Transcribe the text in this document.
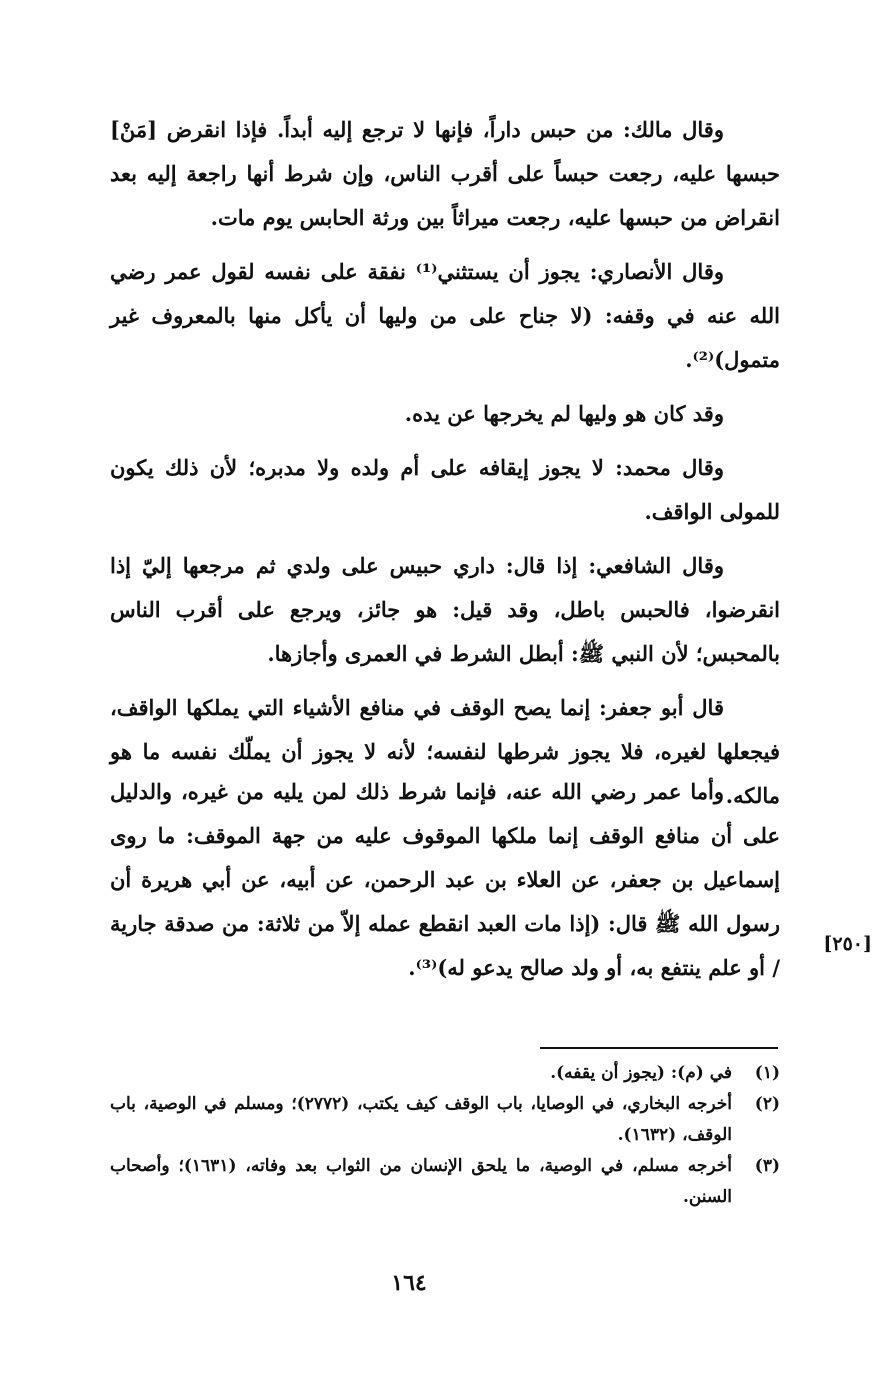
وقال مالك: من حبس داراً، فإنها لا ترجع إليه أبداً. فإذا انقرض [مَنْ] حبسها عليه، رجعت حبساً على أقرب الناس، وإن شرط أنها راجعة إليه بعد انقراض من حبسها عليه، رجعت ميراثاً بين ورثة الحابس يوم مات.

وقال الأنصاري: يجوز أن يستثني⁽¹⁾ نفقة على نفسه لقول عمر رضي الله عنه في وقفه: (لا جناح على من وليها أن يأكل منها بالمعروف غير متمول)⁽²⁾.

وقد كان هو وليها لم يخرجها عن يده.

وقال محمد: لا يجوز إيقافه على أم ولده ولا مدبره؛ لأن ذلك يكون للمولى الواقف.

وقال الشافعي: إذا قال: داري حبيس على ولدي ثم مرجعها إليّ إذا انقرضوا، فالحبس باطل، وقد قيل: هو جائز، ويرجع على أقرب الناس بالمحبس؛ لأن النبي ﷺ: أبطل الشرط في العمرى وأجازها.

قال أبو جعفر: إنما يصح الوقف في منافع الأشياء التي يملكها الواقف، فيجعلها لغيره، فلا يجوز شرطها لنفسه؛ لأنه لا يجوز أن يملّك نفسه ما هو مالكه.

وأما عمر رضي الله عنه، فإنما شرط ذلك لمن يليه من غيره، والدليل على أن منافع الوقف إنما ملكها الموقوف عليه من جهة الموقف: ما روى إسماعيل بن جعفر، عن العلاء بن عبد الرحمن، عن أبيه، عن أبي هريرة أن رسول الله ﷺ قال: (إذا مات العبد انقطع عمله إلاّ من ثلاثة: من صدقة جارية / أو علم ينتفع به، أو ولد صالح يدعو له)⁽³⁾.

[٢٥٠]
(١)
في (م): (يجوز أن يقفه).
(٢)
أخرجه البخاري، في الوصايا، باب الوقف كيف يكتب، (٢٧٧٢)؛ ومسلم في الوصية، باب الوقف، (١٦٣٢).
(٣)
أخرجه مسلم، في الوصية، ما يلحق الإنسان من الثواب بعد وفاته، (١٦٣١)؛ وأصحاب السنن.
١٦٤
